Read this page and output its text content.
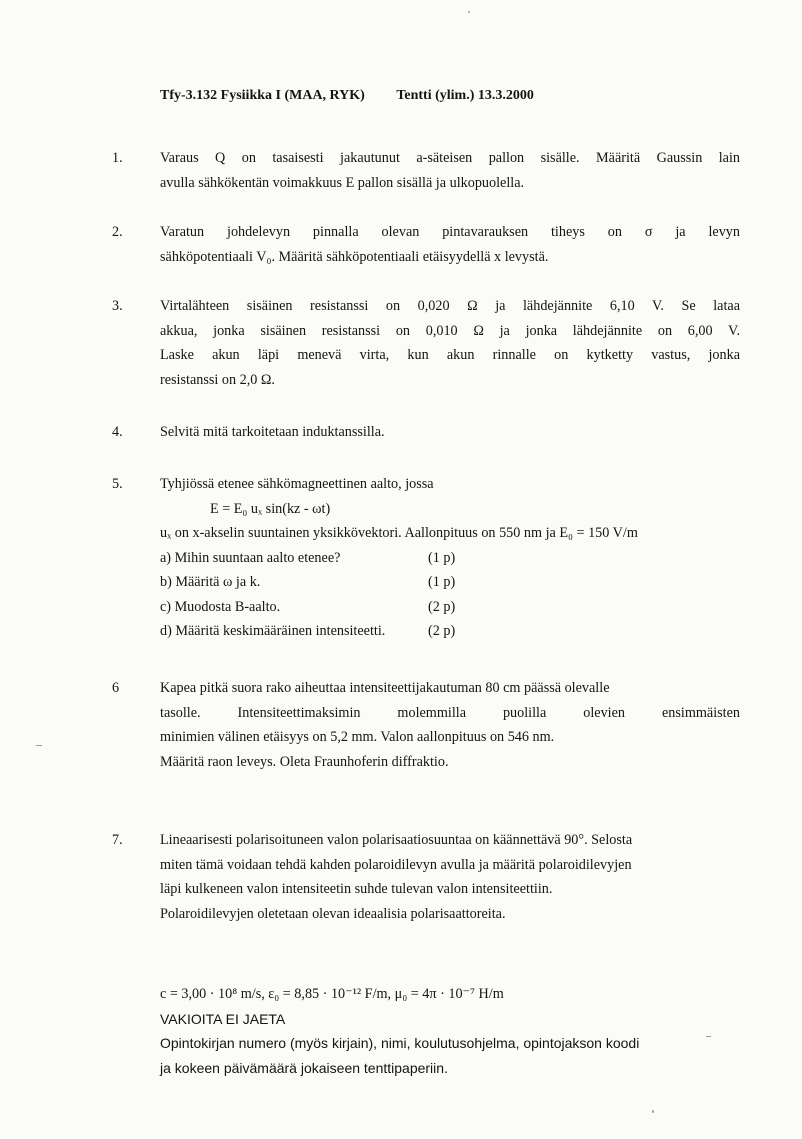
Tfy-3.132 Fysiikka I (MAA, RYK) Tentti (ylim.) 13.3.2000
1.	Varaus Q on tasaisesti jakautunut a-säteisen pallon sisälle. Määritä Gaussin lain
avulla sähkökentän voimakkuus E pallon sisällä ja ulkopuolella.
2.	Varatun johdelevyn pinnalla olevan pintavarauksen tiheys on σ ja levyn
sähköpotentiaali V₀. Määritä sähköpotentiaali etäisyydellä x levystä.
3.	Virtalähteen sisäinen resistanssi on 0,020 Ω ja lähdejännite 6,10 V. Se lataa
akkua, jonka sisäinen resistanssi on 0,010 Ω ja jonka lähdejännite on 6,00 V.
Laske akun läpi menevä virta, kun akun rinnalle on kytketty vastus, jonka
resistanssi on 2,0 Ω.
4.	Selvitä mitä tarkoitetaan induktanssilla.
5.	Tyhjiössä etenee sähkömagneettinen aalto, jossa
E = E₀ uₓ sin(kz - ωt)
uₓ on x-akselin suuntainen yksikkövektori. Aallonpituus on 550 nm ja E₀ = 150 V/m
a) Mihin suuntaan aalto etenee?	(1 p)
b) Määritä ω ja k.	(1 p)
c) Muodosta B-aalto.	(2 p)
d) Määritä keskimääräinen intensiteetti.	(2 p)
6	Kapea pitkä suora rako aiheuttaa intensiteettijakautuman 80 cm päässä olevalle
tasolle. Intensiteettimaksimin molemmilla puolilla olevien ensimmäisten
minimien välinen etäisyys on 5,2 mm. Valon aallonpituus on 546 nm.
Määritä raon leveys. Oleta Fraunhoferin diffraktio.
7.	Lineaarisesti polarisoituneen valon polarisaatiosuuntaa on käännettävä 90°. Selosta
miten tämä voidaan tehdä kahden polaroidilevyn avulla ja määritä polaroidilevyjen
läpi kulkeneen valon intensiteetin suhde tulevan valon intensiteettiin.
Polaroidilevyjen oletetaan olevan ideaalisia polarisaattoreita.
c = 3,00 · 10⁸ m/s, ε₀ = 8,85 · 10⁻¹² F/m, μ₀ = 4π · 10⁻⁷ H/m
VAKIOITA EI JAETA
Opintokirjan numero (myös kirjain), nimi, koulutusohjelma, opintojakson koodi
ja kokeen päivämäärä jokaiseen tenttipaperiin.
